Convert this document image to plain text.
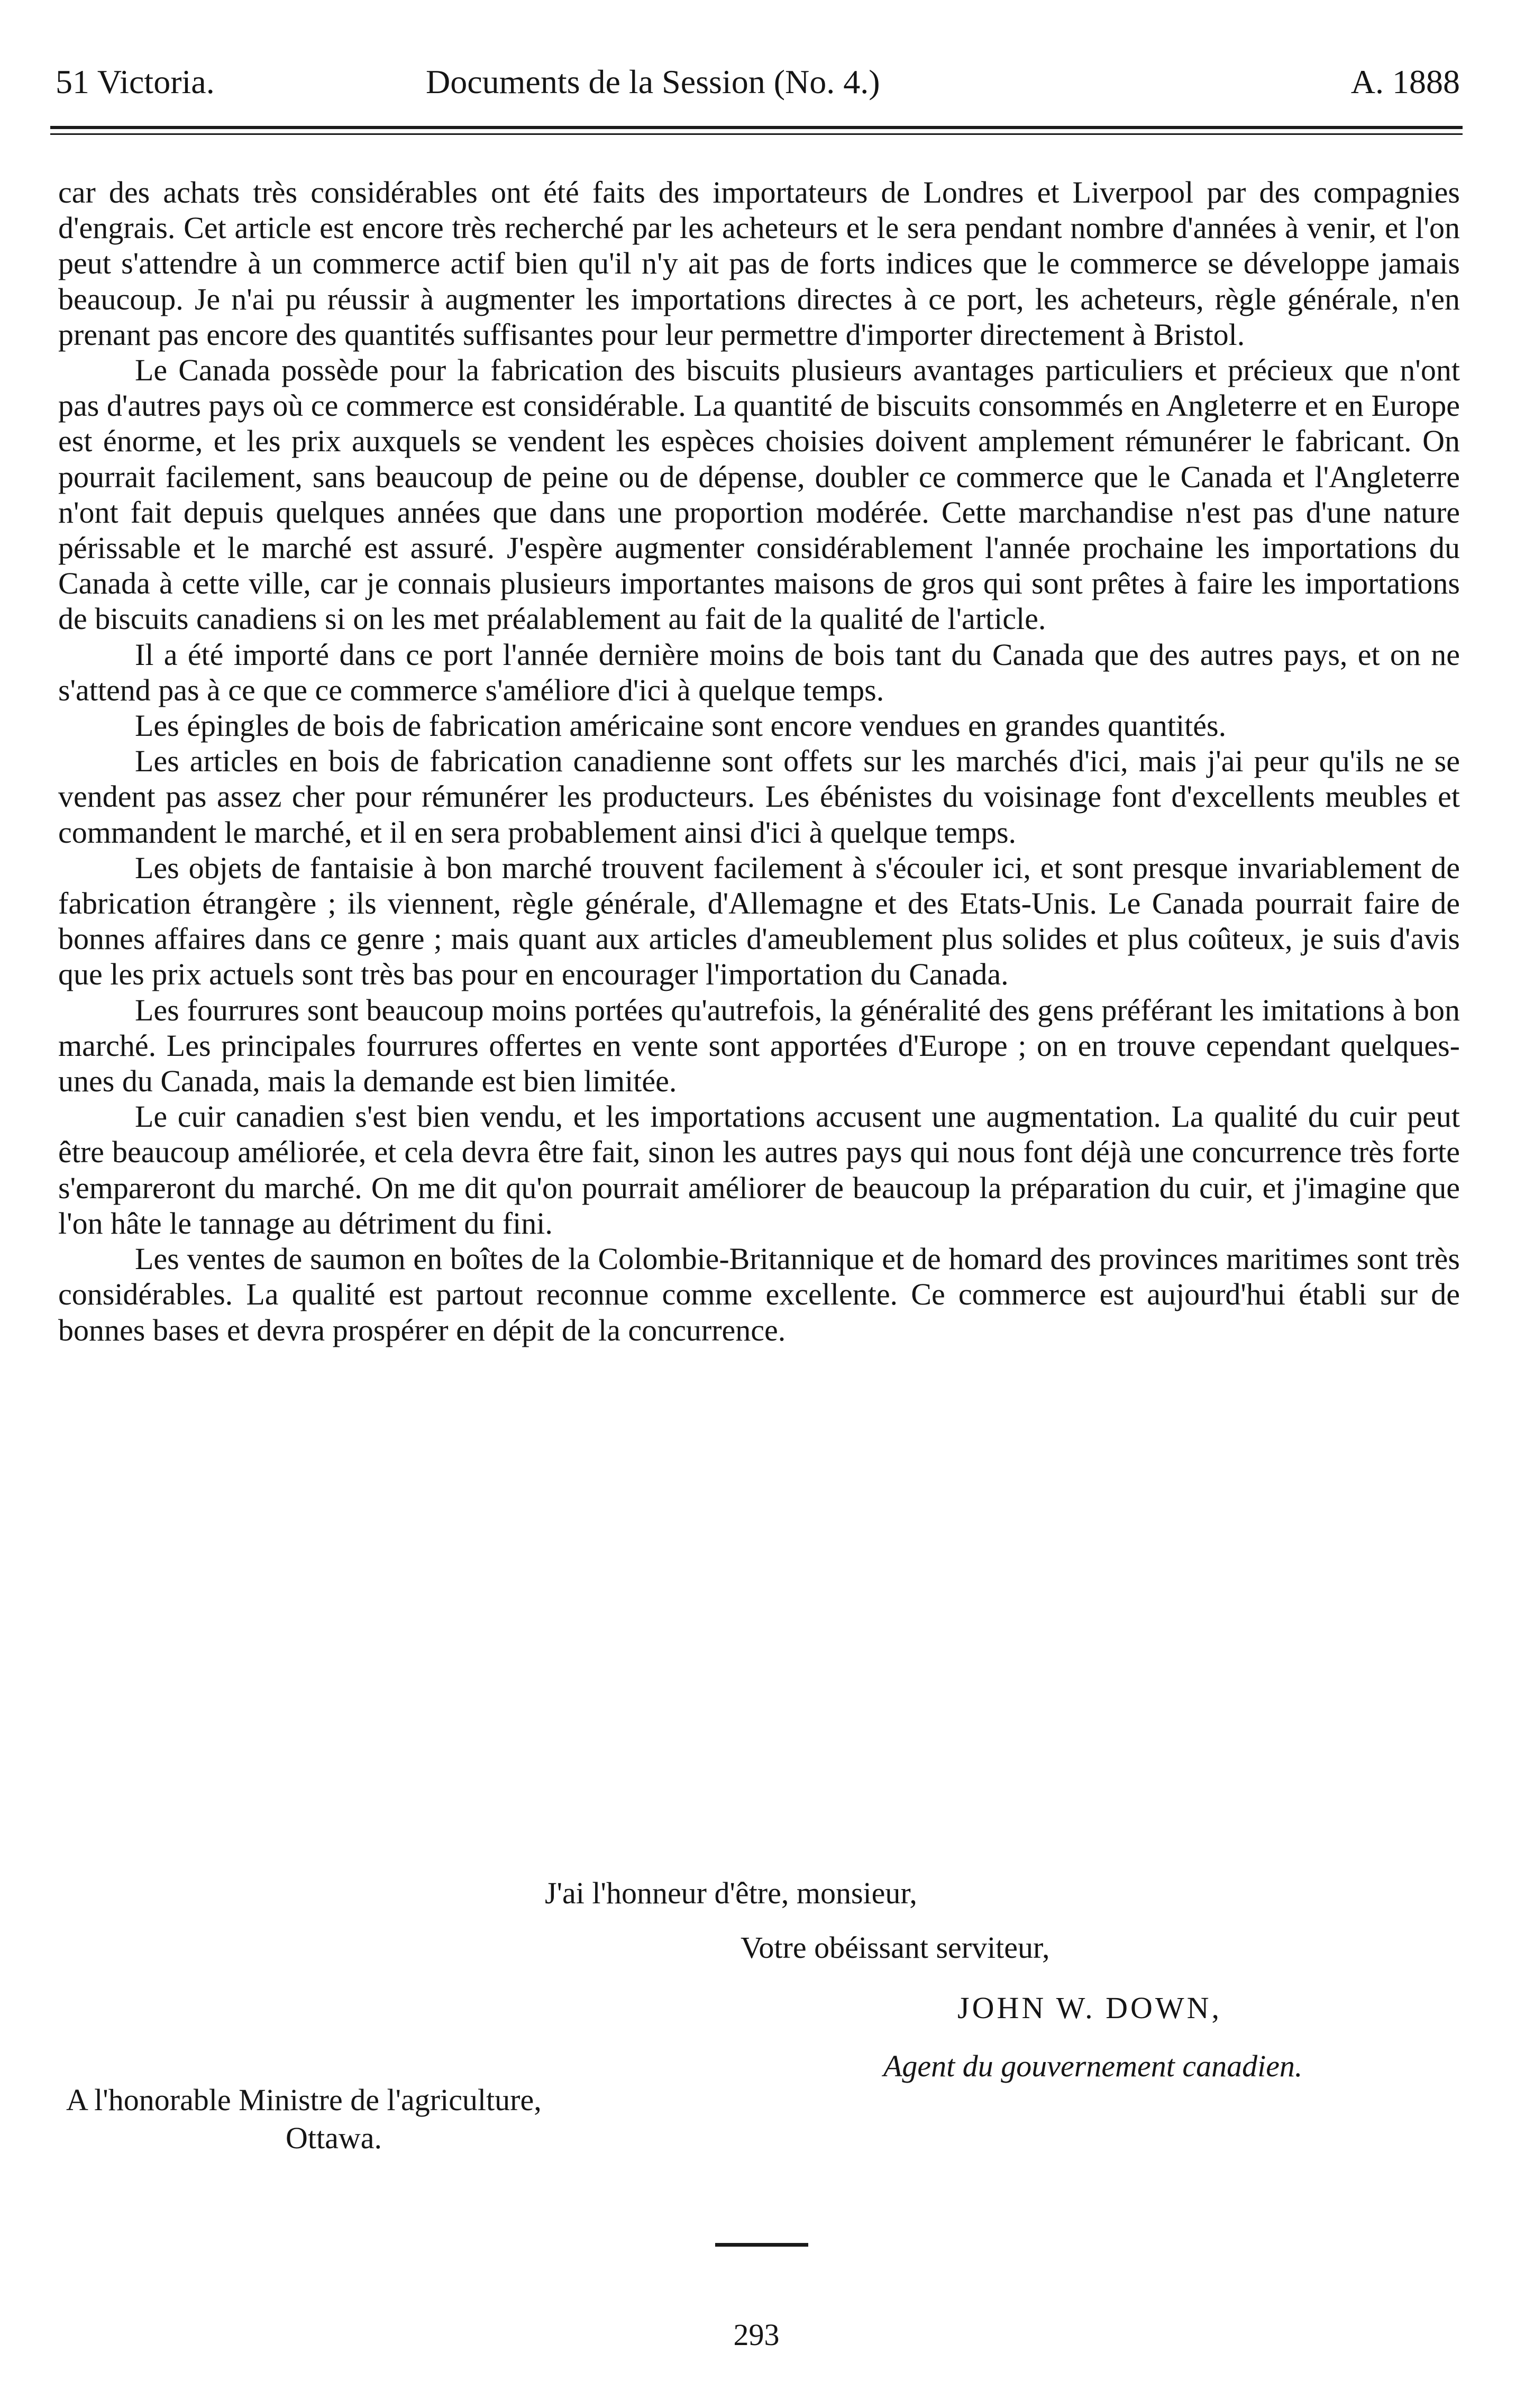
51 Victoria.	Documents de la Session (No. 4.)	A. 1888

car des achats très considérables ont été faits des importateurs de Londres et Liverpool par des compagnies d'engrais. Cet article est encore très recherché par les acheteurs et le sera pendant nombre d'années à venir, et l'on peut s'attendre à un commerce actif bien qu'il n'y ait pas de forts indices que le commerce se développe jamais beaucoup. Je n'ai pu réussir à augmenter les importations directes à ce port, les acheteurs, règle générale, n'en prenant pas encore des quantités suffisantes pour leur permettre d'importer directement à Bristol.

Le Canada possède pour la fabrication des biscuits plusieurs avantages particuliers et précieux que n'ont pas d'autres pays où ce commerce est considérable. La quantité de biscuits consommés en Angleterre et en Europe est énorme, et les prix auxquels se vendent les espèces choisies doivent amplement rémunérer le fabricant. On pourrait facilement, sans beaucoup de peine ou de dépense, doubler ce commerce que le Canada et l'Angleterre n'ont fait depuis quelques années que dans une proportion modérée. Cette marchandise n'est pas d'une nature périssable et le marché est assuré. J'espère augmenter considérablement l'année prochaine les importations du Canada à cette ville, car je connais plusieurs importantes maisons de gros qui sont prêtes à faire les importations de biscuits canadiens si on les met préalablement au fait de la qualité de l'article.

Il a été importé dans ce port l'année dernière moins de bois tant du Canada que des autres pays, et on ne s'attend pas à ce que ce commerce s'améliore d'ici à quelque temps.

Les épingles de bois de fabrication américaine sont encore vendues en grandes quantités.

Les articles en bois de fabrication canadienne sont offets sur les marchés d'ici, mais j'ai peur qu'ils ne se vendent pas assez cher pour rémunérer les producteurs. Les ébénistes du voisinage font d'excellents meubles et commandent le marché, et il en sera probablement ainsi d'ici à quelque temps.

Les objets de fantaisie à bon marché trouvent facilement à s'écouler ici, et sont presque invariablement de fabrication étrangère ; ils viennent, règle générale, d'Allemagne et des Etats-Unis. Le Canada pourrait faire de bonnes affaires dans ce genre ; mais quant aux articles d'ameublement plus solides et plus coûteux, je suis d'avis que les prix actuels sont très bas pour en encourager l'importation du Canada.

Les fourrures sont beaucoup moins portées qu'autrefois, la généralité des gens préférant les imitations à bon marché. Les principales fourrures offertes en vente sont apportées d'Europe ; on en trouve cependant quelques-unes du Canada, mais la demande est bien limitée.

Le cuir canadien s'est bien vendu, et les importations accusent une augmentation. La qualité du cuir peut être beaucoup améliorée, et cela devra être fait, sinon les autres pays qui nous font déjà une concurrence très forte s'empareront du marché. On me dit qu'on pourrait améliorer de beaucoup la préparation du cuir, et j'imagine que l'on hâte le tannage au détriment du fini.

Les ventes de saumon en boîtes de la Colombie-Britannique et de homard des provinces maritimes sont très considérables. La qualité est partout reconnue comme excellente. Ce commerce est aujourd'hui établi sur de bonnes bases et devra prospérer en dépit de la concurrence.

J'ai l'honneur d'être, monsieur,
Votre obéissant serviteur,
JOHN W. DOWN,
Agent du gouvernement canadien.
A l'honorable Ministre de l'agriculture,
Ottawa.
293
